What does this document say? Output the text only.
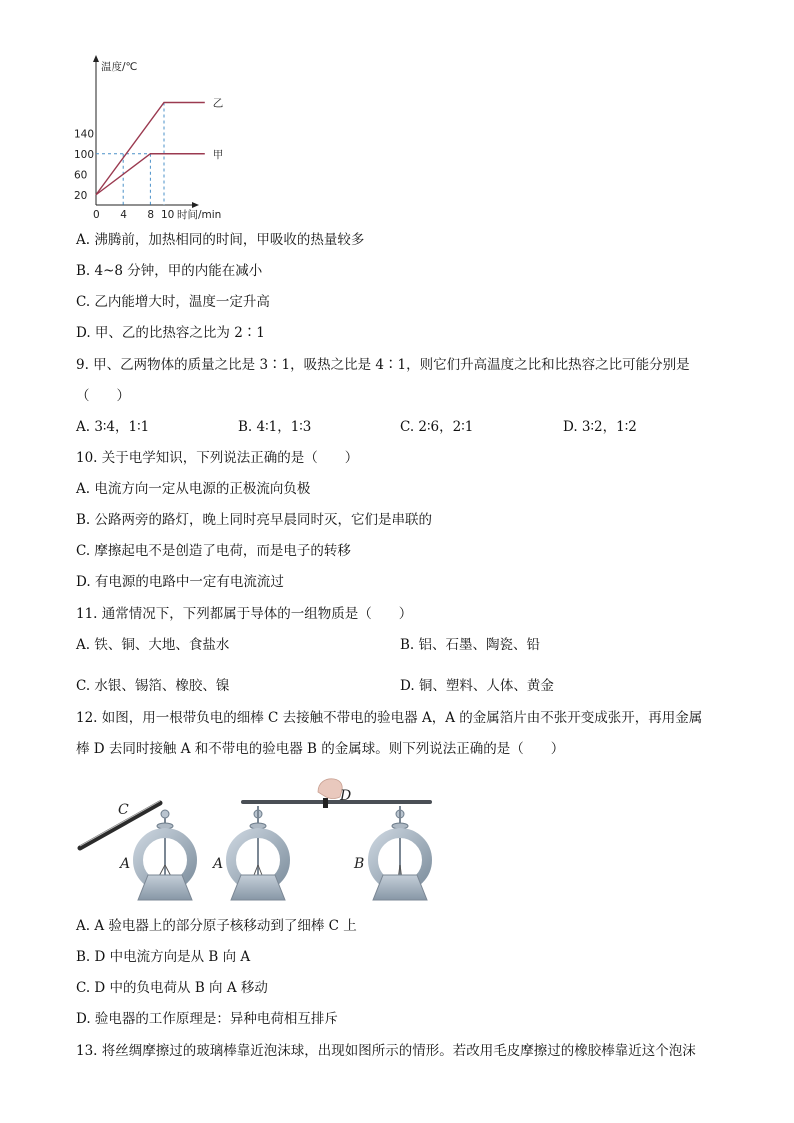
甲
乙
0 4 8 10
20
60
100
140
温度/℃
时间/min
A. 沸腾前，加热相同的时间，甲吸收的热量较多
B. 4~8 分钟，甲的内能在减小
C. 乙内能增大时，温度一定升高
D. 甲、乙的比热容之比为 2∶1
9. 甲、乙两物体的质量之比是 3∶1，吸热之比是 4∶1，则它们升高温度之比和比热容之比可能分别是
（　　）
A. 3∶4，1∶1	B. 4∶1，1∶3	C. 2∶6，2∶1	D. 3∶2，1∶2
10. 关于电学知识，下列说法正确的是（　　）
A. 电流方向一定从电源的正极流向负极
B. 公路两旁的路灯，晚上同时亮早晨同时灭，它们是串联的
C. 摩擦起电不是创造了电荷，而是电子的转移
D. 有电源的电路中一定有电流流过
11. 通常情况下，下列都属于导体的一组物质是（　　）
A. 铁、铜、大地、食盐水	B. 铝、石墨、陶瓷、铅
C. 水银、锡箔、橡胶、镍	D. 铜、塑料、人体、黄金
12. 如图，用一根带负电的细棒 C 去接触不带电的验电器 A，A 的金属箔片由不张开变成张开，再用金属
棒 D 去同时接触 A 和不带电的验电器 B 的金属球。则下列说法正确的是（　　）
C
D
A	A	B
A. A 验电器上的部分原子核移动到了细棒 C 上
B. D 中电流方向是从 B 向 A
C. D 中的负电荷从 B 向 A 移动
D. 验电器的工作原理是：异种电荷相互排斥
13. 将丝绸摩擦过的玻璃棒靠近泡沫球，出现如图所示的情形。若改用毛皮摩擦过的橡胶棒靠近这个泡沫
